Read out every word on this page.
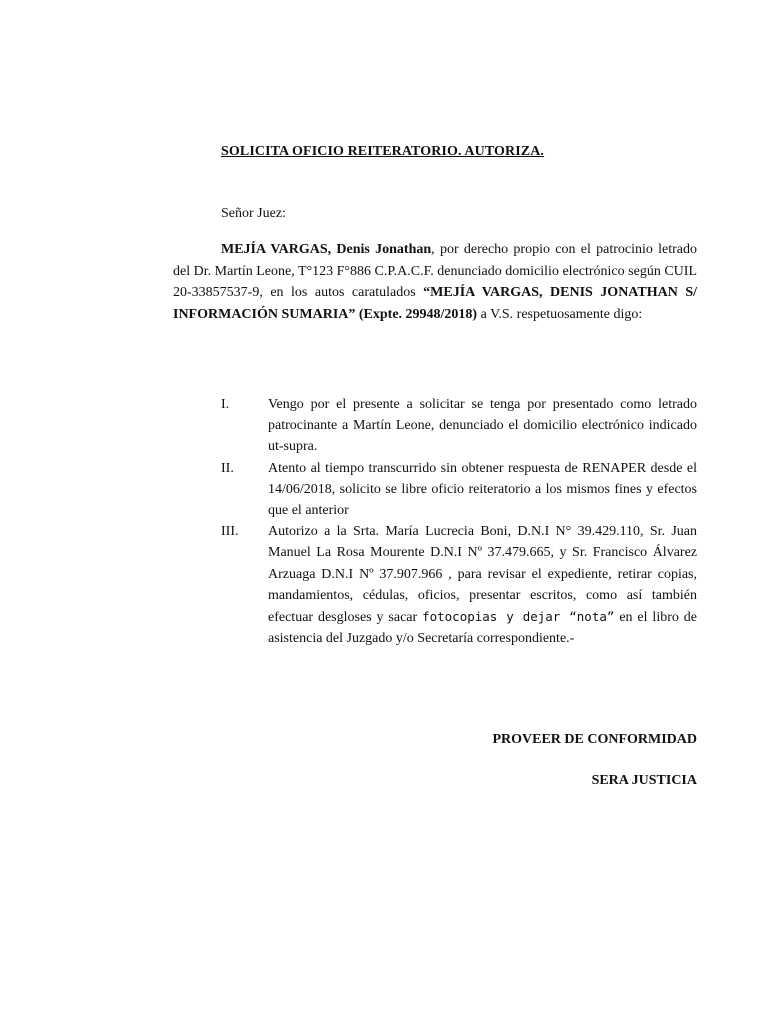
SOLICITA OFICIO REITERATORIO. AUTORIZA.
Señor Juez:

MEJÍA VARGAS, Denis Jonathan, por derecho propio con el patrocinio letrado del Dr. Martín Leone, T°123 F°886 C.P.A.C.F. denunciado domicilio electrónico según CUIL 20-33857537-9, en los autos caratulados “MEJÍA VARGAS, DENIS JONATHAN S/ INFORMACIÓN SUMARIA” (Expte. 29948/2018) a V.S. respetuosamente digo:

I.	Vengo por el presente a solicitar se tenga por presentado como letrado patrocinante a Martín Leone, denunciado el domicilio electrónico indicado ut-supra.
II. Atento al tiempo transcurrido sin obtener respuesta de RENAPER desde el 14/06/2018, solicito se libre oficio reiteratorio a los mismos fines y efectos que el anterior
III. Autorizo a la Srta. María Lucrecia Boni, D.N.I N° 39.429.110, Sr. Juan Manuel La Rosa Mourente D.N.I Nº 37.479.665, y Sr. Francisco Álvarez Arzuaga D.N.I Nº 37.907.966 , para revisar el expediente, retirar copias, mandamientos, cédulas, oficios, presentar escritos, como así también efectuar desgloses y sacar fotocopias y dejar “nota” en el libro de asistencia del Juzgado y/o Secretaría correspondiente.-
PROVEER DE CONFORMIDAD
SERA JUSTICIA
